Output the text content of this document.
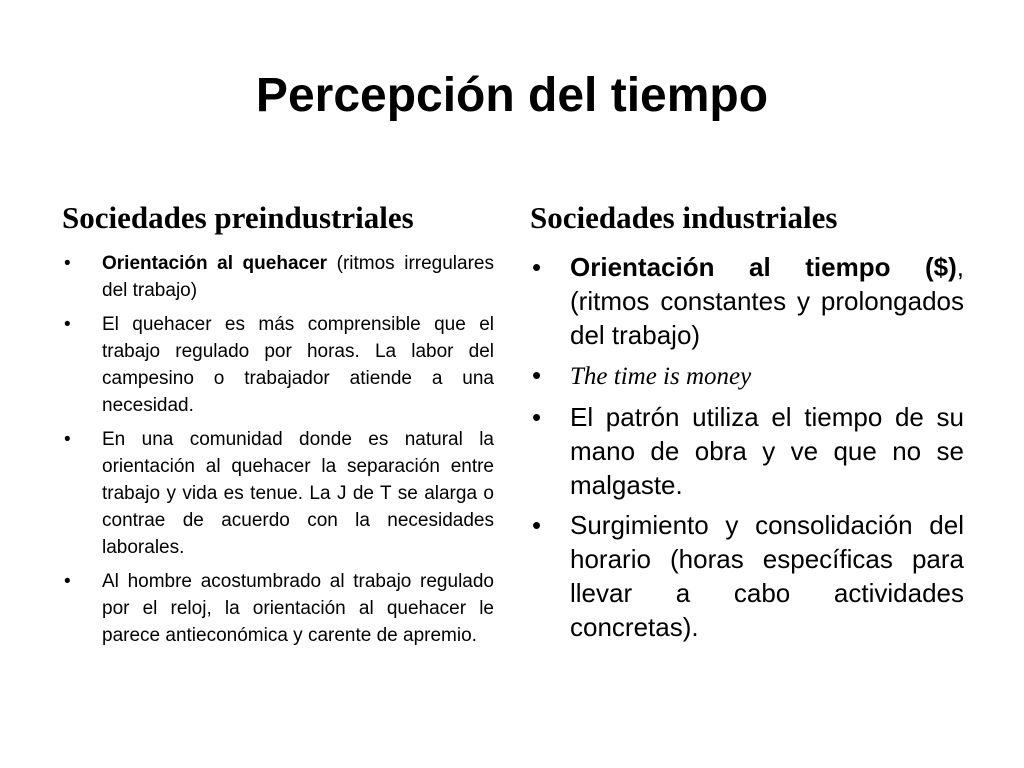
Percepción del tiempo
Sociedades preindustriales	Sociedades industriales
• Orientación al quehacer (ritmos irregulares del trabajo)
• El quehacer es más comprensible que el trabajo regulado por horas. La labor del campesino o trabajador atiende a una necesidad.
• En una comunidad donde es natural la orientación al quehacer la separación entre trabajo y vida es tenue. La J de T se alarga o contrae de acuerdo con la necesidades laborales.
• Al hombre acostumbrado al trabajo regulado por el reloj, la orientación al quehacer le parece antieconómica y carente de apremio.
• Orientación al tiempo ($), (ritmos constantes y prolongados del trabajo)
• The time is money
• El patrón utiliza el tiempo de su mano de obra y ve que no se malgaste.
• Surgimiento y consolidación del horario (horas específicas para llevar a cabo actividades concretas).
